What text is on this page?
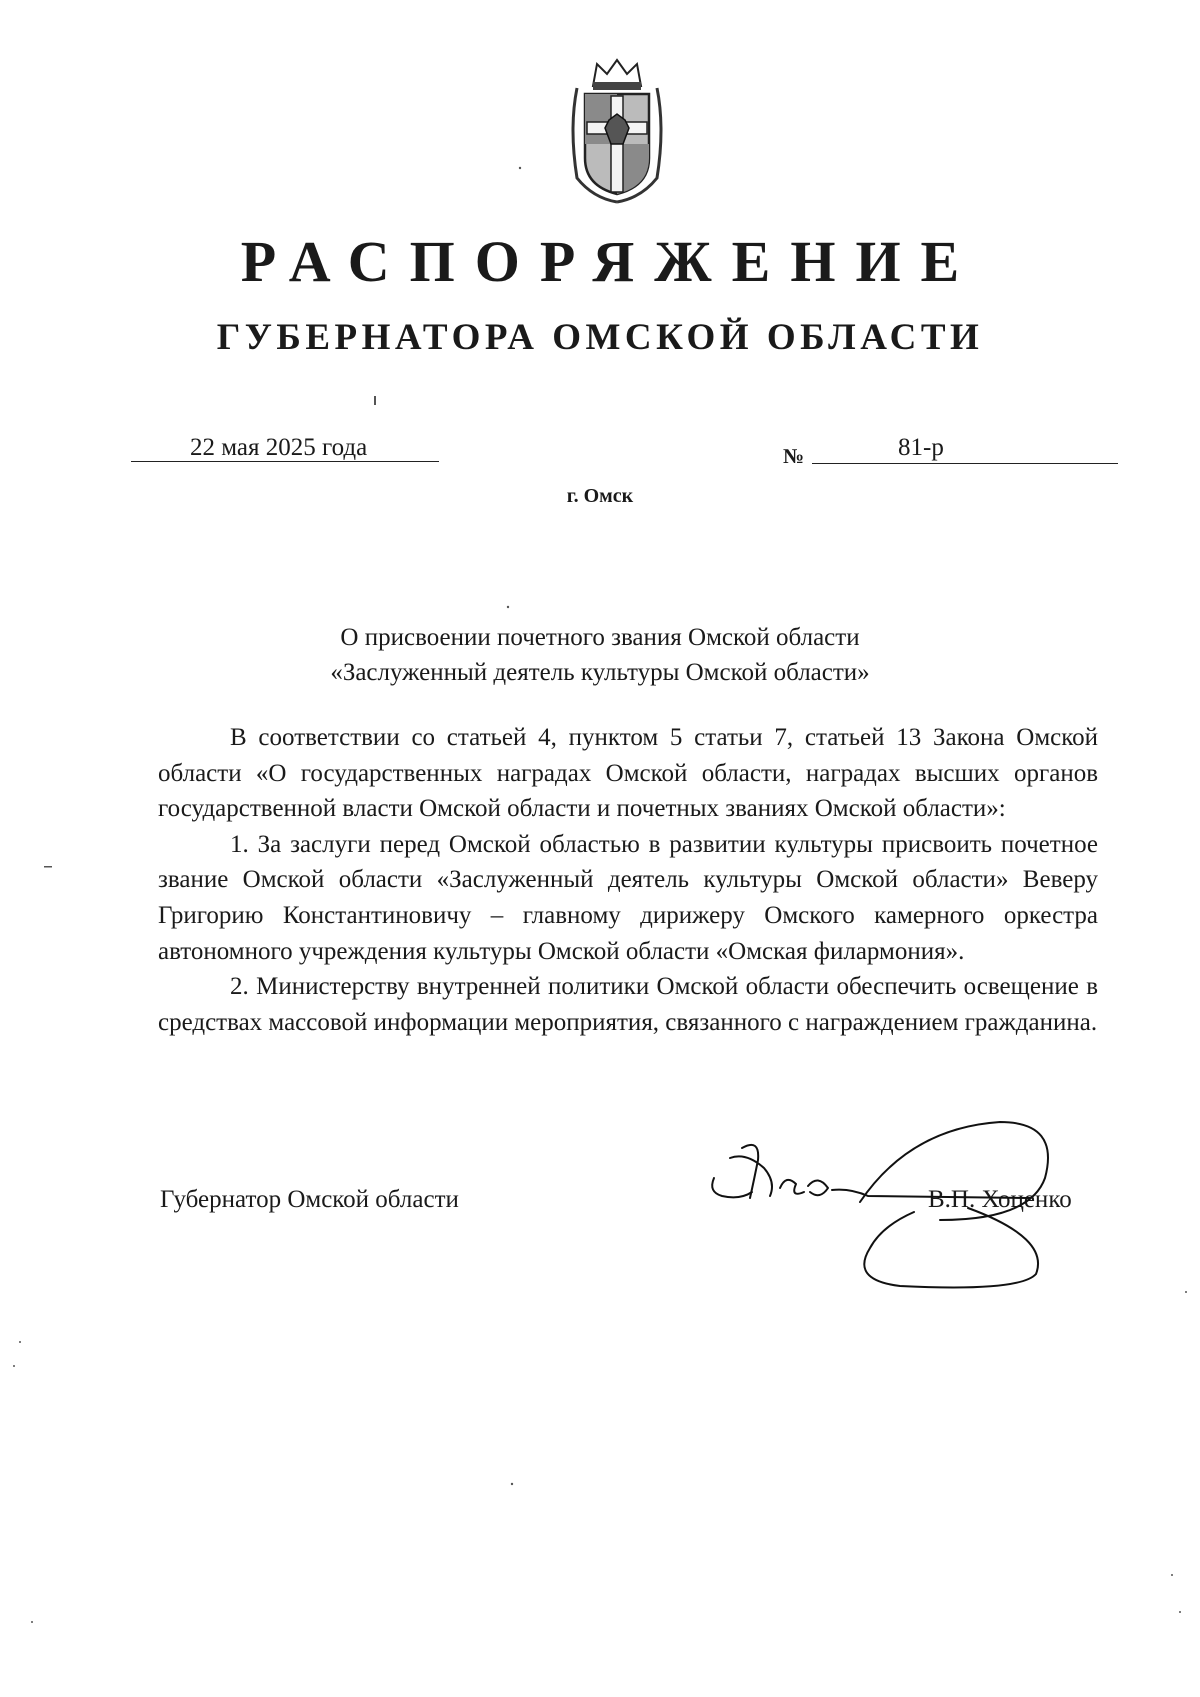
РАСПОРЯЖЕНИЕ
ГУБЕРНАТОРА ОМСКОЙ ОБЛАСТИ
22 мая 2025 года	№	81-р
г. Омск
О присвоении почетного звания Омской области
«Заслуженный деятель культуры Омской области»

В соответствии со статьей 4, пунктом 5 статьи 7, статьей 13 Закона Омской области «О государственных наградах Омской области, наградах высших органов государственной власти Омской области и почетных званиях Омской области»:

1. За заслуги перед Омской областью в развитии культуры присвоить почетное звание Омской области «Заслуженный деятель культуры Омской области» Веверу Григорию Константиновичу – главному дирижеру Омского камерного оркестра автономного учреждения культуры Омской области «Омская филармония».

2. Министерству внутренней политики Омской области обеспечить освещение в средствах массовой информации мероприятия, связанного с награждением гражданина.

Губернатор Омской области	В.П. Хоценко
